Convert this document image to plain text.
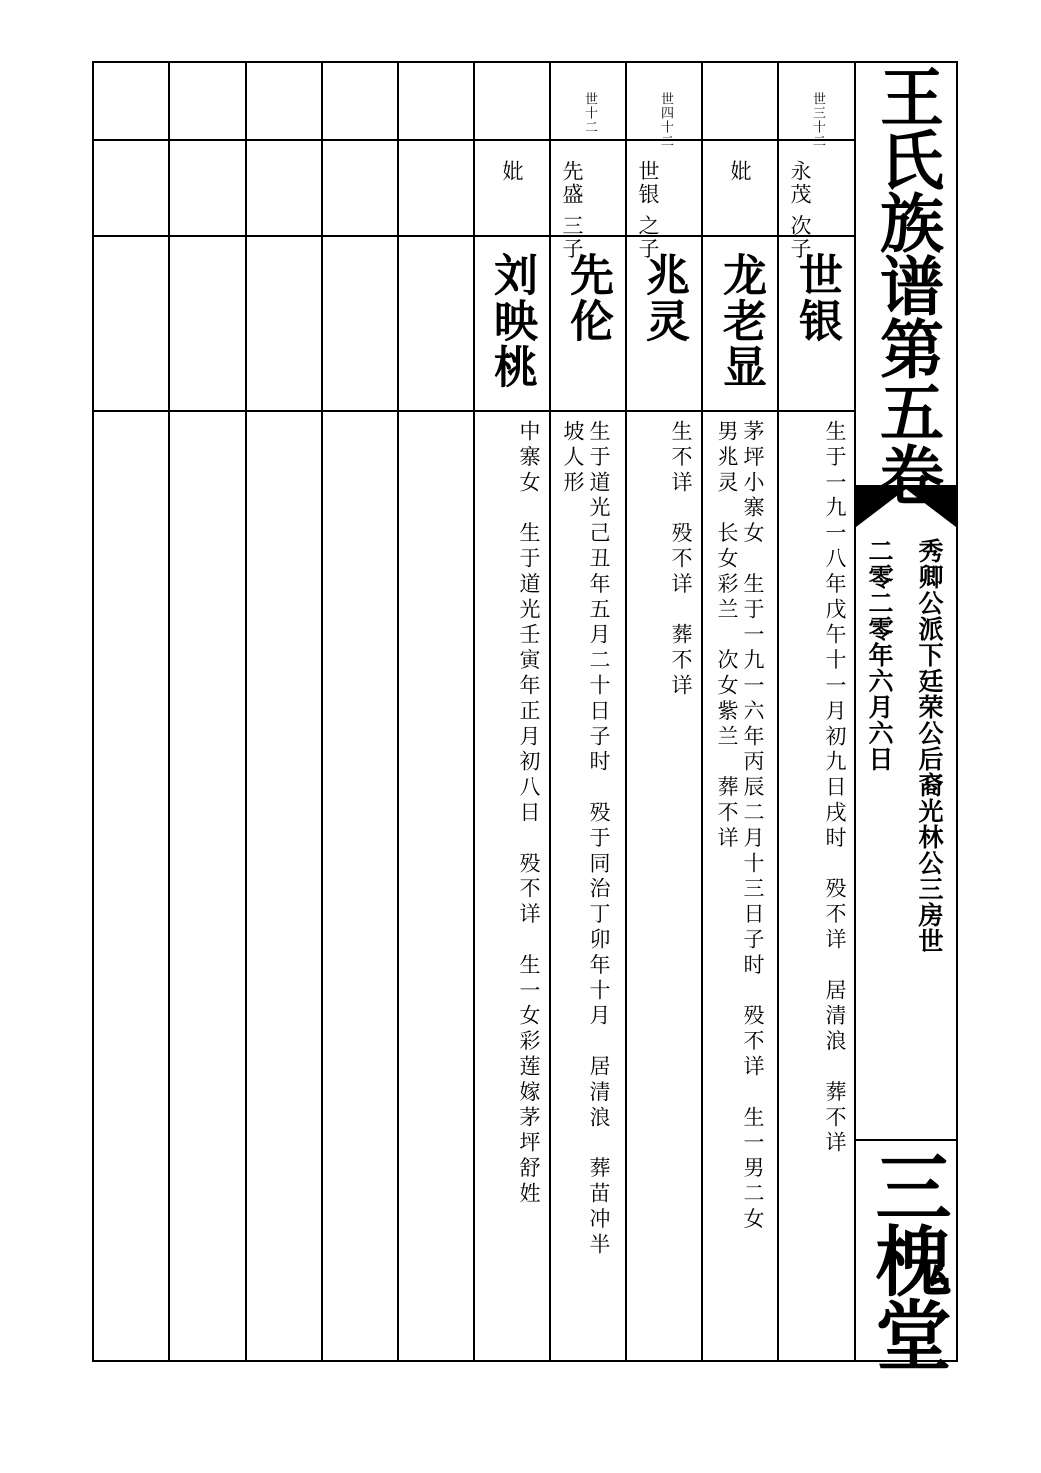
王氏族谱第五卷
秀卿公派下廷荣公后裔光林公三房世
二零二零年六月六日
三槐堂
世三十二
永茂 次子
世银
生于一九一八年戊午十一月初九日戌时　殁不详　居清浪　葬不详
妣
龙老显
茅坪小寨女　生于一九一六年丙辰二月十三日子时　殁不详　生一男二女
男兆灵　长女彩兰　次女紫兰　葬不详
世四十二
世银 之子
兆灵
生不详　殁不详　葬不详
世十二
先盛 三子
先伦
生于道光己丑年五月二十日子时　殁于同治丁卯年十月　居清浪　葬苗冲半
坡人形
妣
刘映桃
中寨女　生于道光壬寅年正月初八日　殁不详　生一女彩莲嫁茅坪舒姓
